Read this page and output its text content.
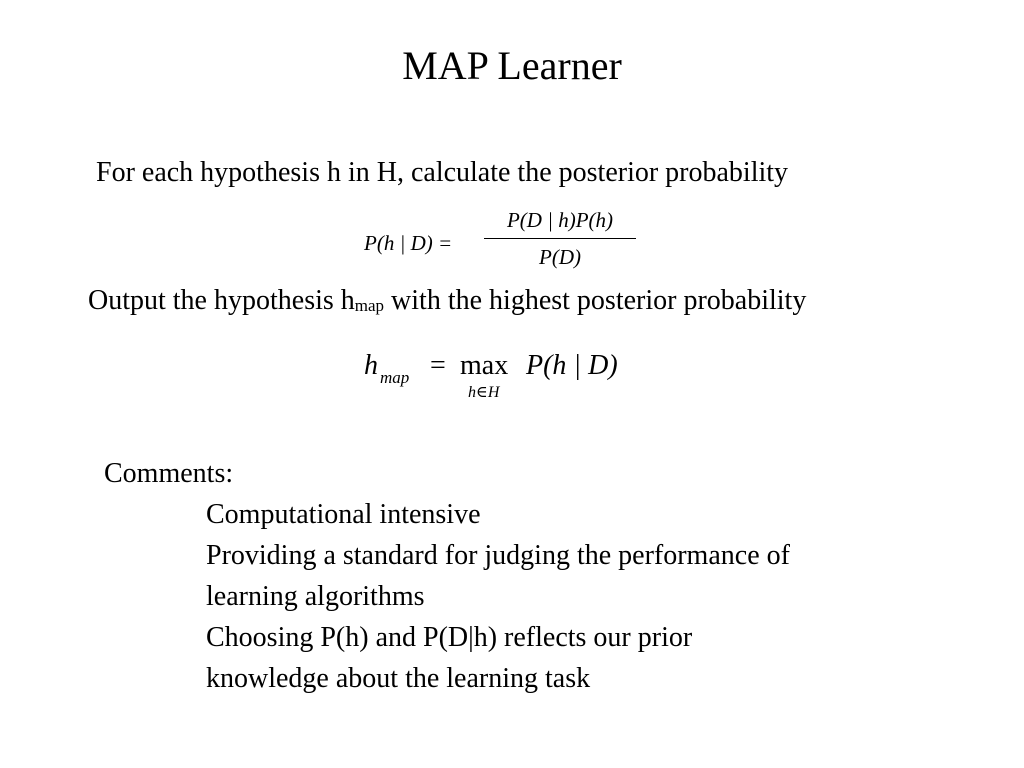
MAP Learner
For each hypothesis h in H, calculate the posterior probability
P(h | D) =
P(D | h)P(h)
P(D)
Output the hypothesis hmap with the highest posterior probability
h map = max
h∈H
P(h | D)
Comments:
Computational intensive
Providing a standard for judging the performance of
learning algorithms
Choosing P(h) and P(D|h) reflects our prior
knowledge about the learning task
